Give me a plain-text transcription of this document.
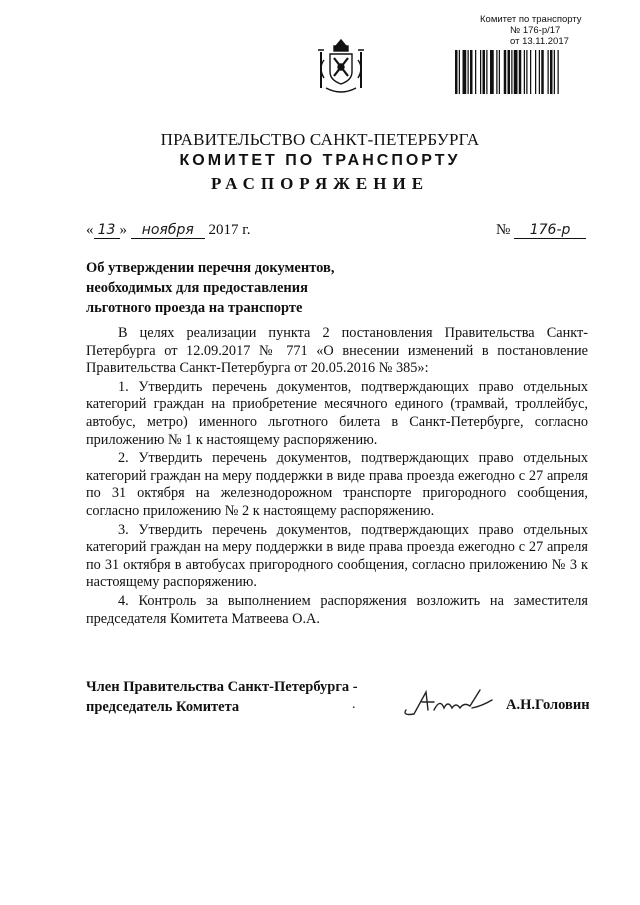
Комитет по транспорту
№ 176-р/17
от 13.11.2017
ПРАВИТЕЛЬСТВО САНКТ-ПЕТЕРБУРГА
КОМИТЕТ ПО ТРАНСПОРТУ
РАСПОРЯЖЕНИЕ
« 13 » ноября 2017 г.	№ 176-р
Об утверждении перечня документов,
необходимых для предоставления
льготного проезда на транспорте

В целях реализации пункта 2 постановления Правительства Санкт-Петербурга от 12.09.2017 № 771 «О внесении изменений в постановление Правительства Санкт-Петербурга от 20.05.2016 № 385»:

1. Утвердить перечень документов, подтверждающих право отдельных категорий граждан на приобретение месячного единого (трамвай, троллейбус, автобус, метро) именного льготного билета в Санкт-Петербурге, согласно приложению № 1 к настоящему распоряжению.

2. Утвердить перечень документов, подтверждающих право отдельных категорий граждан на меру поддержки в виде права проезда ежегодно с 27 апреля по 31 октября на железнодорожном транспорте пригородного сообщения, согласно приложению № 2 к настоящему распоряжению.

3. Утвердить перечень документов, подтверждающих право отдельных категорий граждан на меру поддержки в виде права проезда ежегодно с 27 апреля по 31 октября в автобусах пригородного сообщения, согласно приложению № 3 к настоящему распоряжению.

4. Контроль за выполнением распоряжения возложить на заместителя председателя Комитета Матвеева О.А.

Член Правительства Санкт-Петербурга -
председатель Комитета	.	А.Н.Головин
